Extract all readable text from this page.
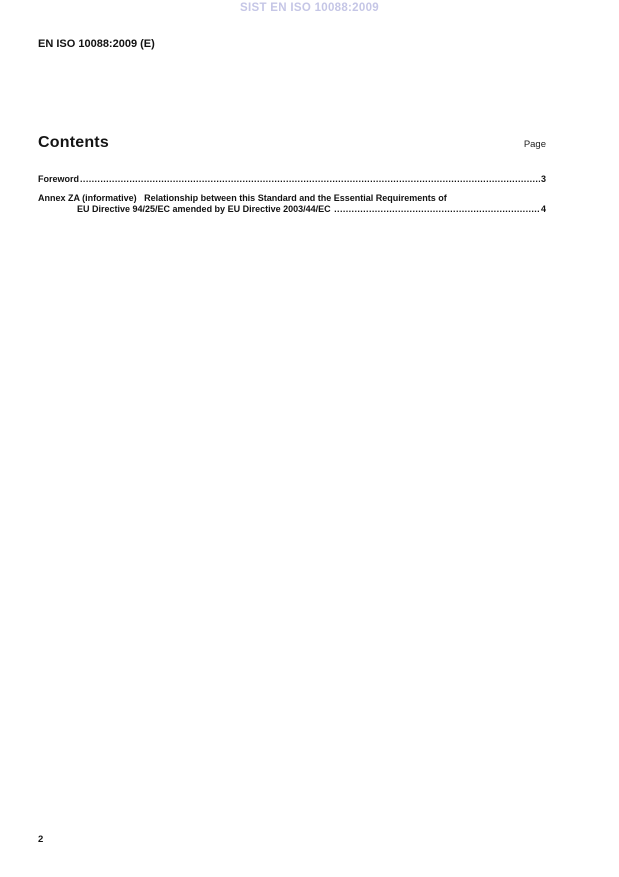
SIST EN ISO 10088:2009
EN ISO 10088:2009 (E)
Contents	Page
Foreword .....	3
Annex ZA (informative)   Relationship between this Standard and the Essential Requirements of
EU Directive 94/25/EC amended by EU Directive 2003/44/EC .....	4
2
